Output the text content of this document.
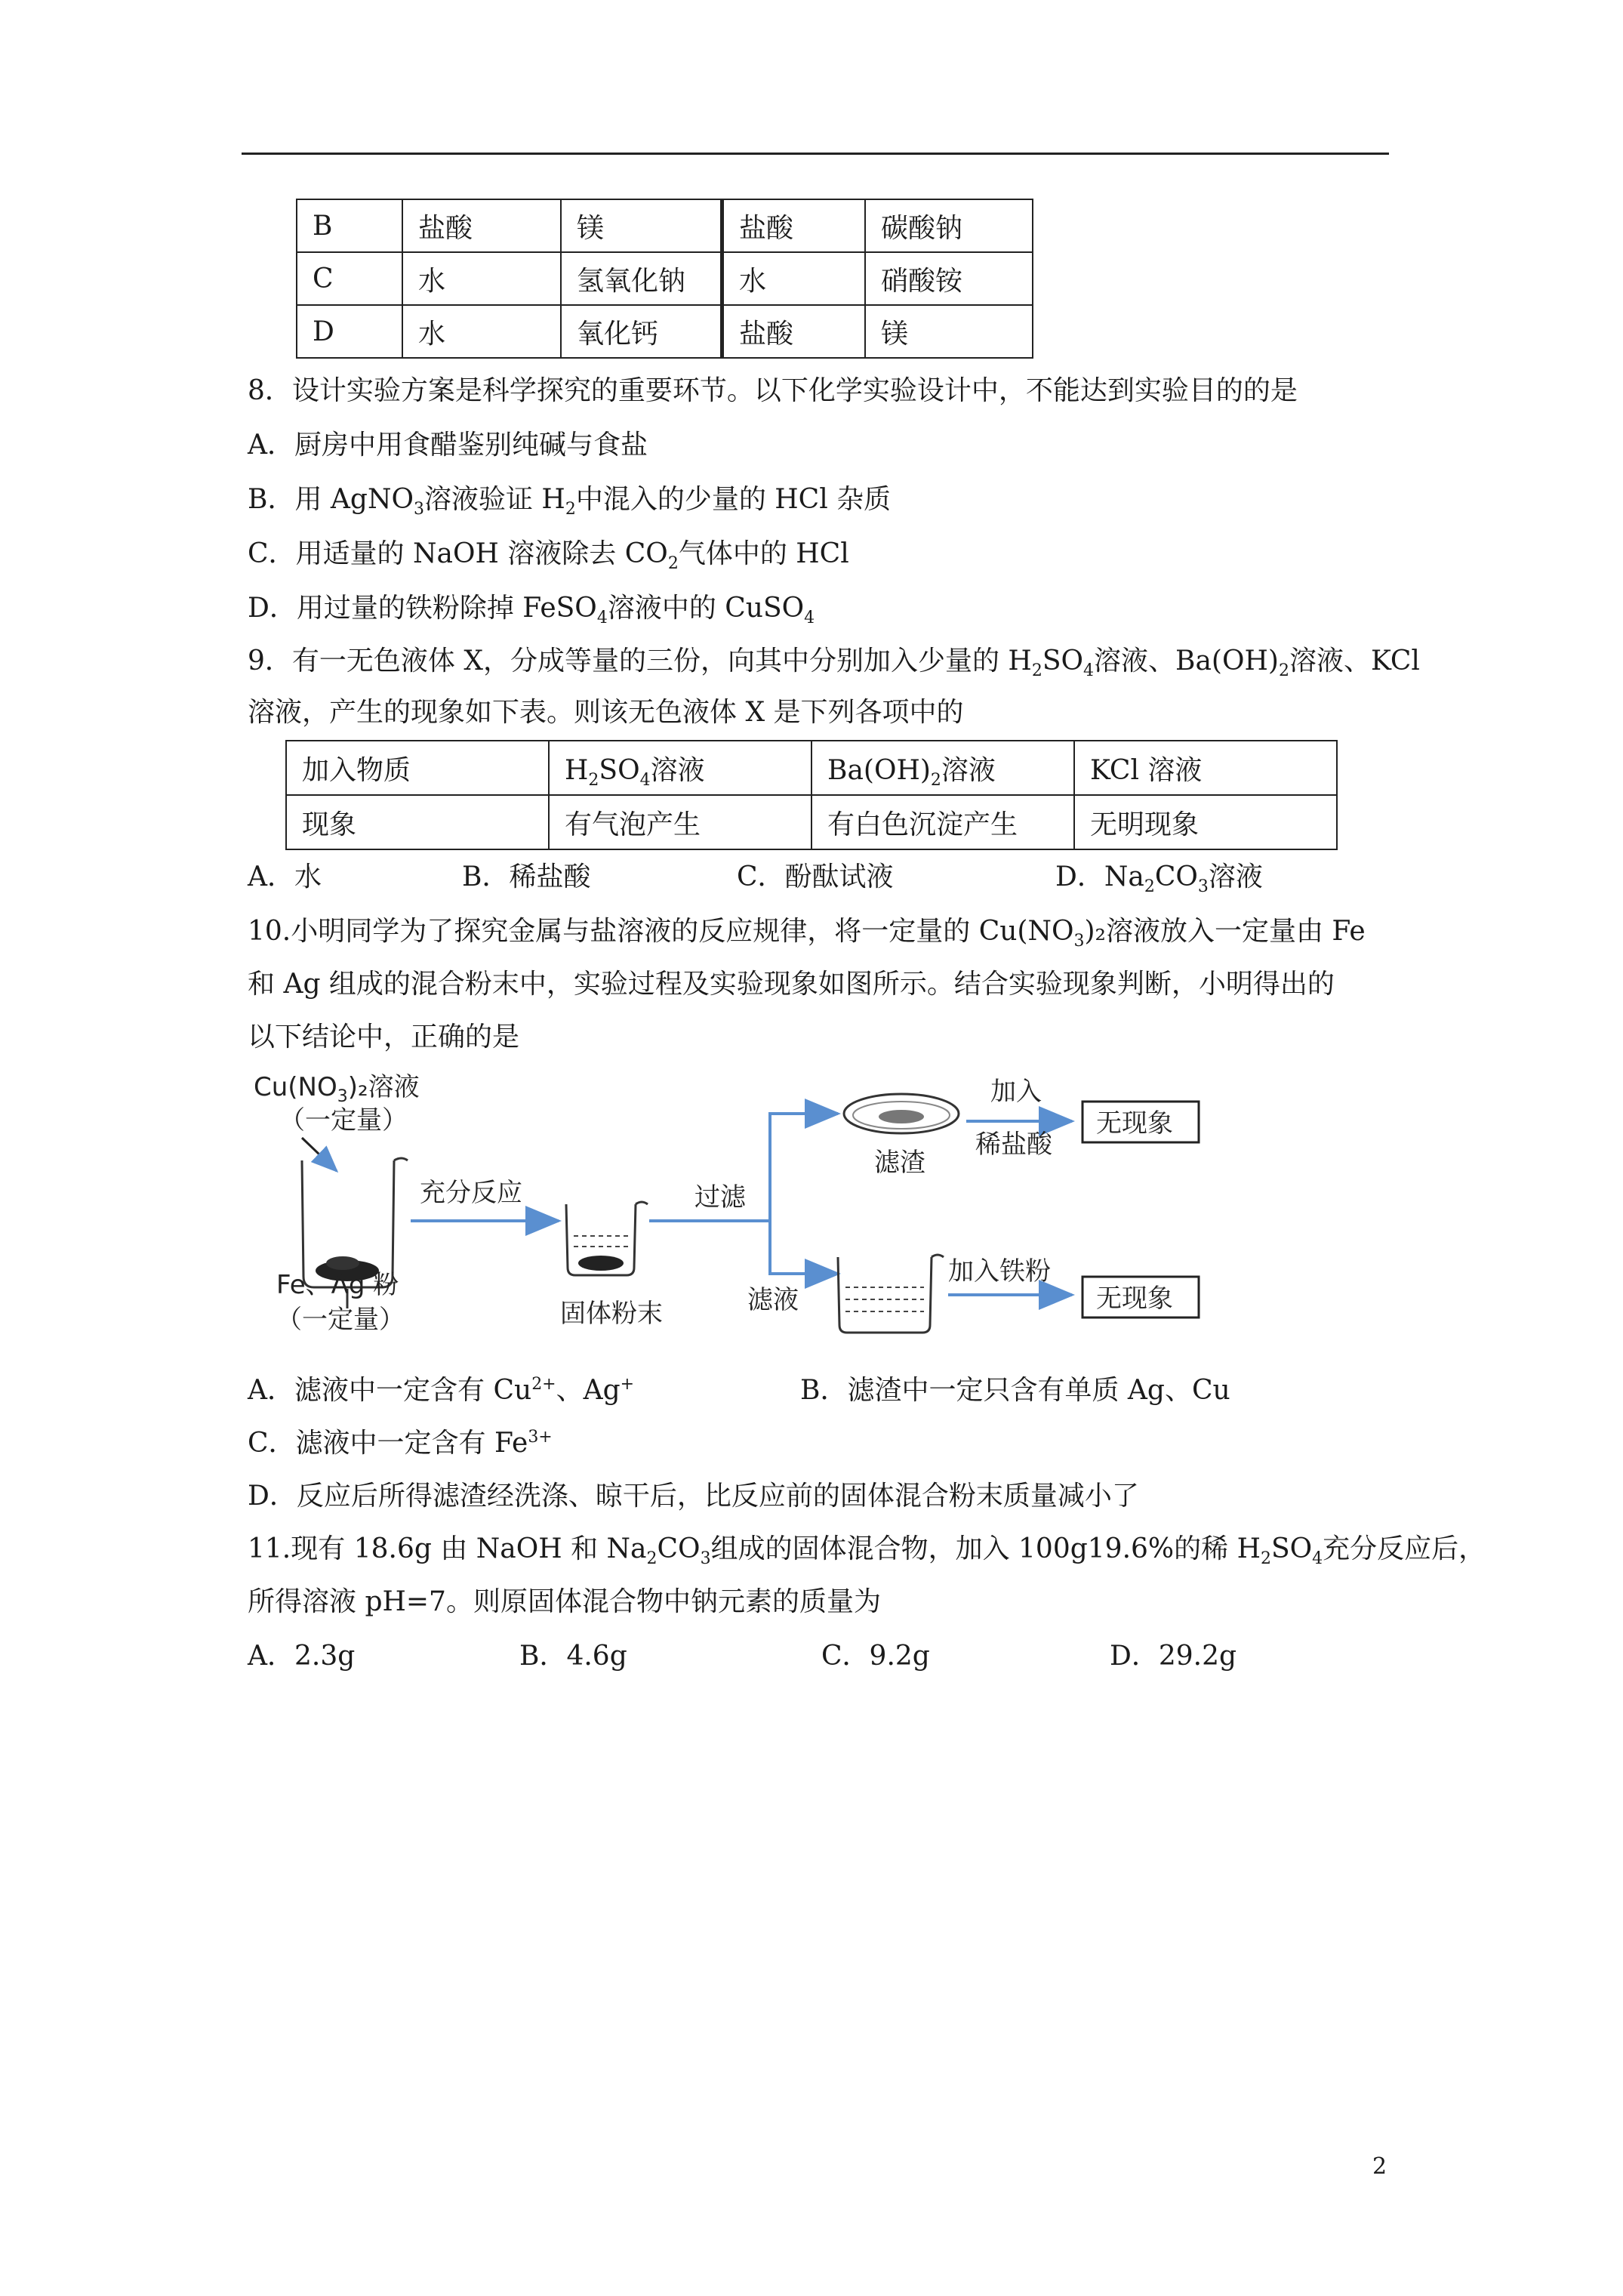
B	盐酸	镁	盐酸	碳酸钠
C	水	氢氧化钠	水	硝酸铵
D	水	氧化钙	盐酸	镁
8．设计实验方案是科学探究的重要环节。以下化学实验设计中，不能达到实验目的的是
A．厨房中用食醋鉴别纯碱与食盐
B．用 AgNO$_3$溶液验证 $H_2$中混入的少量的 HCl 杂质
C．用适量的 NaOH 溶液除去 $CO_2$气体中的 HCl
D．用过量的铁粉除掉 FeSO$_4$溶液中的 CuSO$_4$
9．有一无色液体 X，分成等量的三份，向其中分别加入少量的 $H_2SO_4$溶液、$Ba(OH)_2$溶液、KCl
溶液，产生的现象如下表。则该无色液体 X 是下列各项中的
加入物质	$H_2SO_4$溶液	$Ba(OH)_2$溶液	KCl 溶液
现象	有气泡产生	有白色沉淀产生	无明现象
A．水	B．稀盐酸	C．酚酞试液	D．$Na_2CO_3$溶液
10.小明同学为了探究金属与盐溶液的反应规律，将一定量的 $Cu(NO_3)_2$溶液放入一定量由 Fe
和 Ag 组成的混合粉末中，实验过程及实验现象如图所示。结合实验现象判断，小明得出的
以下结论中，正确的是
$Cu(NO_3)_2$溶液
（一定量）
Fe、Ag 粉
（一定量）
充分反应
固体粉末
过滤
滤渣
加入
稀盐酸
无现象
滤液
加入铁粉
无现象
A．滤液中一定含有 $Cu^{2+}$、Ag+	B．滤渣中一定只含有单质 Ag、Cu
C．滤液中一定含有 $Fe^{3+}$
D．反应后所得滤渣经洗涤、晾干后，比反应前的固体混合粉末质量减小了
11.现有 18.6g 由 NaOH 和 $Na_2CO_3$组成的固体混合物，加入 100g19.6%的稀 $H_2SO_4$充分反应后，
所得溶液 pH=7。则原固体混合物中钠元素的质量为
A．2.3g	B．4.6g	C．9.2g	D．29.2g
2
